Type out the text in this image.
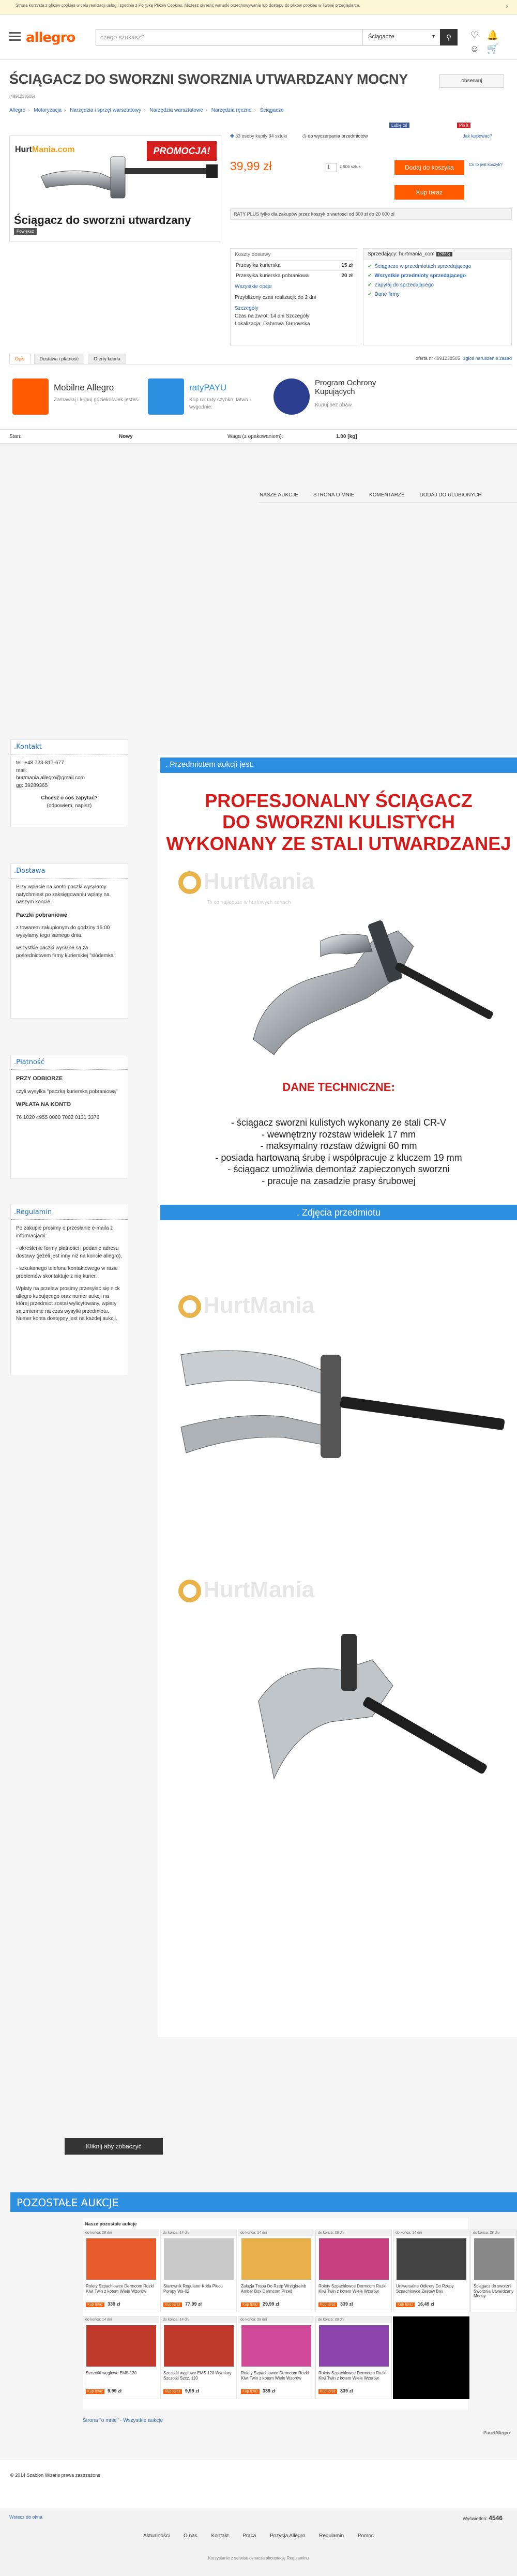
Strona korzysta z plików cookies w celu realizacji usług i zgodnie z Polityką Plików Cookies. Możesz określić warunki przechowywania lub dostępu do plików cookies w Twojej przeglądarce.	×
allegro	czego szukasz?	Ściągacze	▼	⚲	♡ 🔔 ☺ 🛒
ŚCIĄGACZ DO SWORZNI SWORZNIA UTWARDZANY MOCNY	obserwuj
(4991238505)
Allegro › Motoryzacja › Narzędzia i sprzęt warsztatowy › Narzędzia warsztatowe › Narzędzia ręczne › Ściągacze
Lubię to!	Pin it
HurtMania.com	PROMOCJA!
Ściągacz do sworzni utwardzany
Powiększ
✚ 33 osoby kupiły 94 sztuki	◷ do wyczerpania przedmiotów	Jak kupować?
39,99 zł	1	z 906 sztuk	Dodaj do koszyka	Co to jest koszyk?
Kup teraz
RATY PLUS fylko dla zakupów przez koszyk o wartości od 300 zł do 20 000 zł
Koszty dostawy
Przesyłka kurierska	15 zł
Przesyłka kurierska pobraniowa	20 zł
Wszystkie opcje
Przybliżony czas realizacji: do 2 dni
Szczegóły
Czas na zwrot: 14 dni Szczegóły
Lokalizacja: Dąbrowa Tarnowska
Sprzedający: hurtmania_com (2865)
✔ Ściągacze w przedmiotach sprzedającego
✔ Wszystkie przedmioty sprzedającego
✔ Zapytaj do sprzedającego
✔ Dane firmy
Opis	Dostawa i płatność	Oferty kupna	oferta nr 4991238505 zgłoś naruszenie zasad
Mobilne Allegro
Zamawiaj i kupuj gdziekolwiek jesteś.
ratyPAYU
Kup na raty szybko, łatwo i wygodnie.
Program Ochrony Kupujących
Kupuj bez obaw.
Stan:	Nowy	Waga (z opakowaniem):	1.00 [kg]
NASZE AUKCJE	STRONA O MNIE	KOMENTARZE	DODAJ DO ULUBIONYCH
.Kontakt
tel: +48 723-817-677
mail:
hurtmania.allegro@gmail.com
gg: 39289365
Chcesz o coś zapytać?
(odpowiem, napisz)
.Dostawa

Przy wpłacie na konto paczki wysyłamy natychmiast po zaksięgowaniu wpłaty na naszym koncie.

Paczki pobraniowe

z towarem zakupionym do godziny 15:00 wysyłamy tego samego dnia.

wszystkie paczki wysłane są za pośrednictwem firmy kurierskiej "siódemka"

.Płatność

PRZY ODBIORZE

czyli wysyłka "paczką kurierską pobraniową"

WPŁATA NA KONTO

76 1020 4955 0000 7002 0131 3376

.Regulamin

Po zakupie prosimy o przesłanie e-maila z informacjami:

- określenie formy płatności i podanie adresu dostawy (jeżeli jest inny niż na koncie allegro),

- szkukanego telefonu kontaktowego w razie problemów skontaktuje z nią kurier.

Wpłaty na przelew prosimy przesyłać się nick allegro kupującego oraz numer aukcji na której przedmiot został wylicytowany, wpłaty są zmiennie na czas wysyłki przedmiotu. Numer konta dostępny jest na każdej aukcji.

. Przedmiotem aukcji jest:
PROFESJONALNY ŚCIĄGACZ
DO SWORZNI KULISTYCH
WYKONANY ZE STALI UTWARDZANEJ
HurtMania
To co najlepsze w hurtowych cenach
DANE TECHNICZNE:
- ściągacz sworzni kulistych wykonany ze stali CR-V
- wewnętrzny rozstaw widełek 17 mm
- maksymalny rozstaw dźwigni 60 mm
- posiada hartowaną śrubę i współpracuje z kluczem 19 mm
- ściągacz umożliwia demontaż zapieczonych sworzni
- pracuje na zasadzie prasy śrubowej
. Zdjęcia przedmiotu
HurtMania
HurtMania
Kliknij aby zobaczyć
POZOSTAŁE AUKCJE
Nasze pozostałe aukcje
do końca: 28 dni
Rolety Szpachlowce Dermcom Rozkl Kiwi Twin z kotem Wiele Wzorów
Kup teraz 339 zł
do końca: 14 dni
Starownik Regulator Kotła Piecu Pompy Ws-02
Kup teraz 77,99 zł
do końca: 14 dni
Żaluzja Tropa Do Rzep Wrzigkrainb Amber Box Dermcom Przed
Kup teraz 29,99 zł
do końca: 28 dni
Rolety Szpachlowce Dermcom Rozkl Kiwi Twin z kotem Wiele Wzorów
Kup teraz 339 zł
do końca: 14 dni
Uniwersalne Odkrety Do Rzepy Szpachlowce Zestaw Box
Kup teraz 16,49 zł
do końca: 14 dni
Szczotki węglowe EMS 120
Kup teraz 9,99 zł
do końca: 14 dni
Szczotki węglowe EMS 120 Wymiary Szczotki Szcz. 110
Kup teraz 9,99 zł
do końca: 28 dni
Rolety Szpachlowce Dermcom Rozkl Kiwi Twin z kotem Wiele Wzorów
Kup teraz 339 zł
do końca: 28 dni
Rolety Szpachlowce Dermcom Rozkl Kiwi Twin z kotem Wiele Wzorów
Kup teraz 339 zł
do końca: 28 dni
Ściągacz do sworzni Sworznia Utwardzany Mocny
Strona "o mnie" · Wszystkie aukcje
PanelAllegro
© 2014 Szablon Wizaris prawa zastrzeżone
Wstecz do okna	Wyświetleń: 4546
Aktualności	O nas	Kontakt	Praca	Pozycja Allegro	Regulamin	Pomoc
Korzystanie z serwisu oznacza akceptację Regulaminu
